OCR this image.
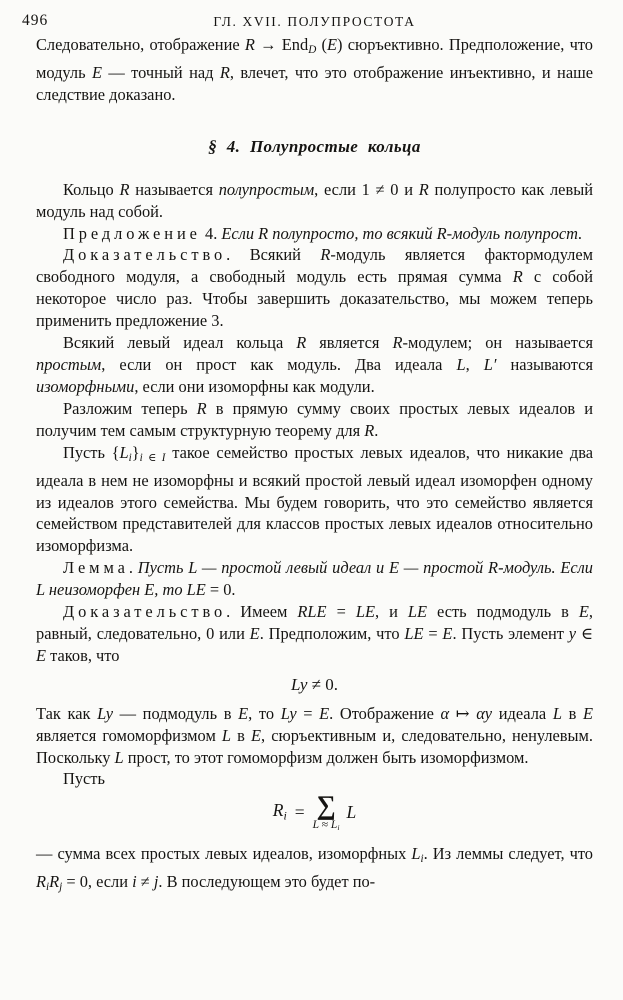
496	ГЛ. XVII. ПОЛУПРОСТОТА

Следовательно, отображение R → EndD (E) сюръективно. Предположение, что модуль E — точный над R, влечет, что это отображение инъективно, и наше следствие доказано.

§ 4. Полупростые кольца

Кольцо R называется полупростым, если 1 ≠ 0 и R полупросто как левый модуль над собой.

Предложение 4. Если R полупросто, то всякий R-модуль полупрост.

Доказательство. Всякий R-модуль является фактормодулем свободного модуля, а свободный модуль есть прямая сумма R с собой некоторое число раз. Чтобы завершить доказательство, мы можем теперь применить предложение 3.

Всякий левый идеал кольца R является R-модулем; он называется простым, если он прост как модуль. Два идеала L, L′ называются изоморфными, если они изоморфны как модули.

Разложим теперь R в прямую сумму своих простых левых идеалов и получим тем самым структурную теорему для R.

Пусть {Li}i ∈ I такое семейство простых левых идеалов, что никакие два идеала в нем не изоморфны и всякий простой левый идеал изоморфен одному из идеалов этого семейства. Мы будем говорить, что это семейство является семейством представителей для классов простых левых идеалов относительно изоморфизма.

Лемма. Пусть L — простой левый идеал и E — простой R-модуль. Если L неизоморфен E, то LE = 0.

Доказательство. Имеем RLE = LE, и LE есть подмодуль в E, равный, следовательно, 0 или E. Предположим, что LE = E. Пусть элемент y ∈ E таков, что

Ly ≠ 0.

Так как Ly — подмодуль в E, то Ly = E. Отображение α ↦ αy идеала L в E является гомоморфизмом L в E, сюръективным и, следовательно, ненулевым. Поскольку L прост, то этот гомоморфизм должен быть изоморфизмом.

Пусть

Ri = ∑
L ≈ Li
L

— сумма всех простых левых идеалов, изоморфных Li. Из леммы следует, что RiRj = 0, если i ≠ j. В последующем это будет по-
